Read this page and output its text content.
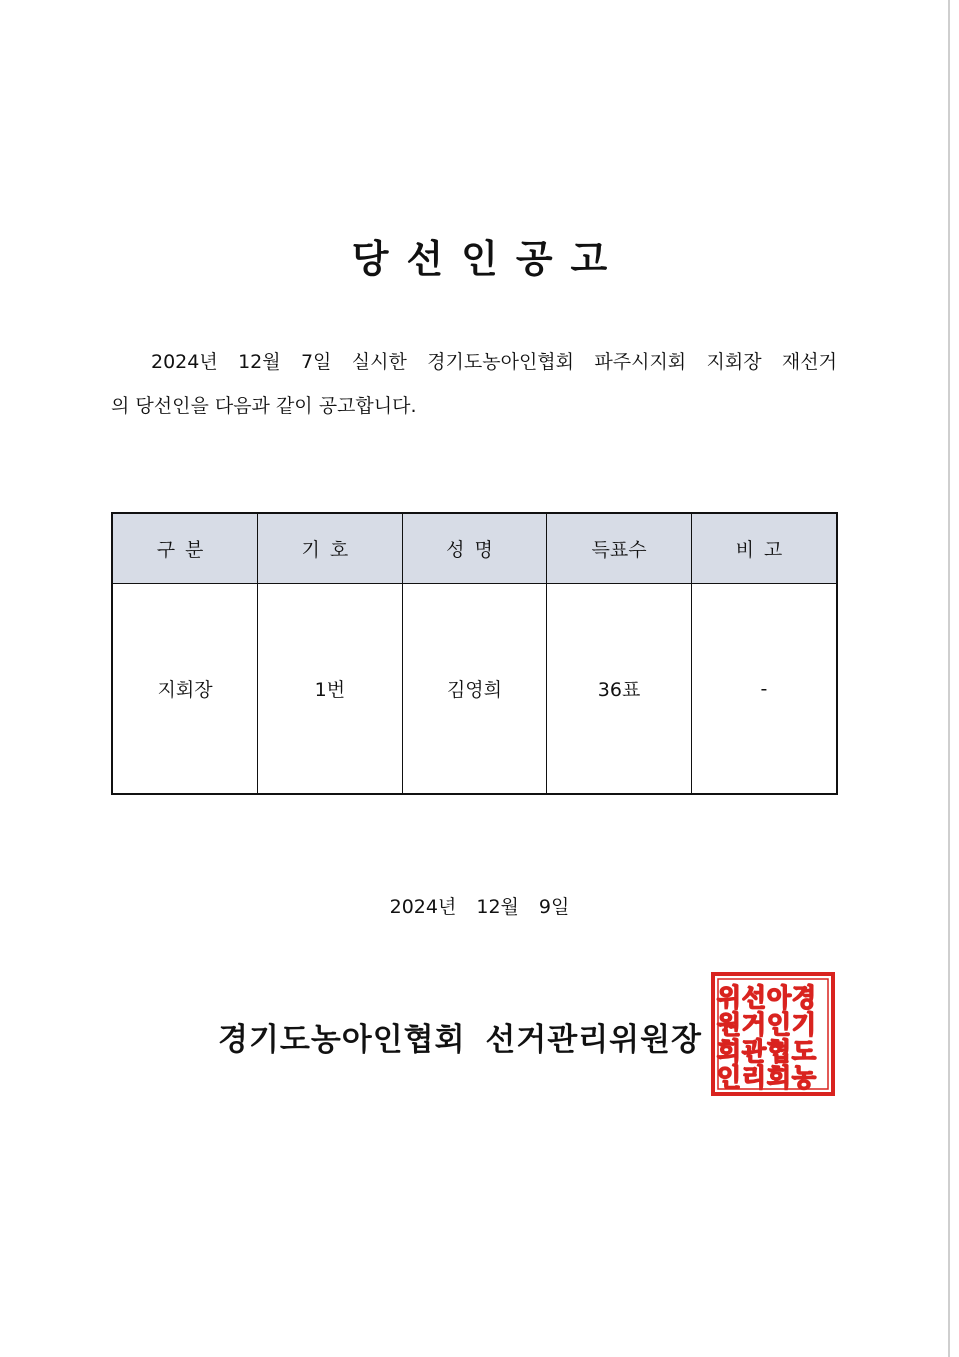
당선인공고
2024년 12월 7일 실시한 경기도농아인협회 파주시지회 지회장 재선거
의 당선인을 다음과 같이 공고합니다.
구분	기호	성명	득표수	비고
지회장	1번	김영희	36표	-

2024년 12월 9일

경기도농아인협회 선거관리위원장

경
기
도
농
아
인
협
회
선
거
관
리
위
원
회
인
